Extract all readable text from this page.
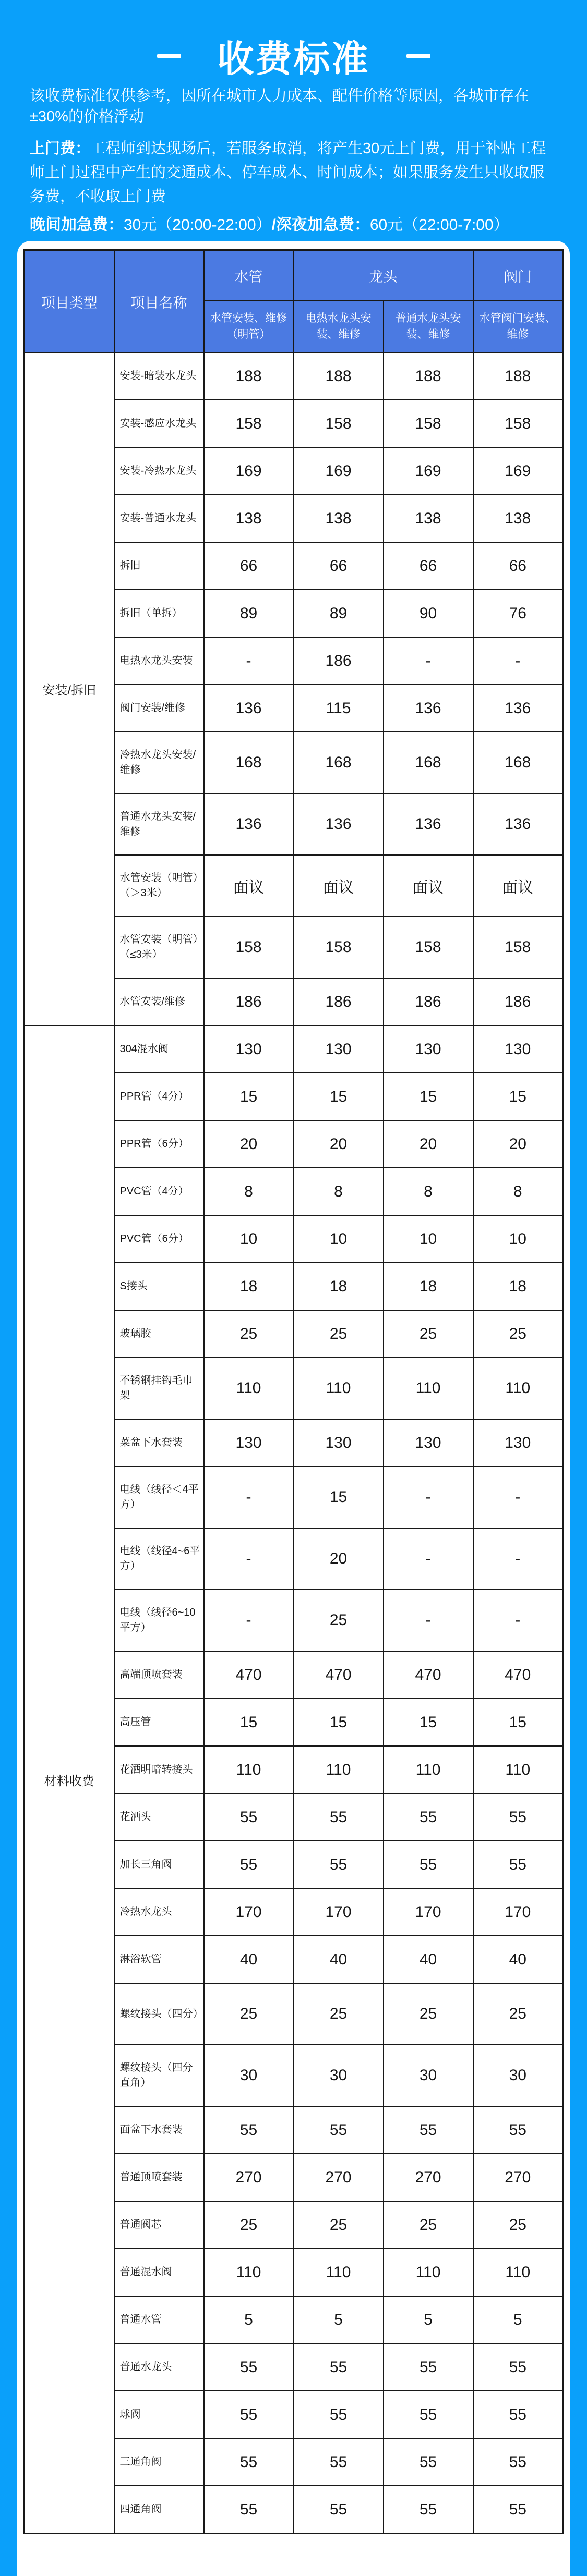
收费标准

该收费标准仅供参考，因所在城市人力成本、配件价格等原因，各城市存在±30%的价格浮动

上门费：工程师到达现场后，若服务取消，将产生30元上门费，用于补贴工程师上门过程中产生的交通成本、停车成本、时间成本；如果服务发生只收取服务费，不收取上门费

晚间加急费：30元（20:00-22:00）/深夜加急费：60元（22:00-7:00）

项目类型	项目名称	水管	龙头		阀门
		水管安装、维修（明管）	电热水龙头安装、维修	普通水龙头安装、维修	水管阀门安装、维修
安装/拆旧	安装-暗装水龙头	188	188	188	188
	安装-感应水龙头	158	158	158	158
	安装-冷热水龙头	169	169	169	169
	安装-普通水龙头	138	138	138	138
	拆旧	66	66	66	66
	拆旧（单拆）	89	89	90	76
	电热水龙头安装	-	186	-	-
	阀门安装/维修	136	115	136	136
	冷热水龙头安装/维修	168	168	168	168
	普通水龙头安装/维修	136	136	136	136
	水管安装（明管）（＞3米）	面议	面议	面议	面议
	水管安装（明管）（≤3米）	158	158	158	158
	水管安装/维修	186	186	186	186
材料收费	304混水阀	130	130	130	130
	PPR管（4分）	15	15	15	15
	PPR管（6分）	20	20	20	20
	PVC管（4分）	8	8	8	8
	PVC管（6分）	10	10	10	10
	S接头	18	18	18	18
	玻璃胶	25	25	25	25
	不锈钢挂钩毛巾架	110	110	110	110
	菜盆下水套装	130	130	130	130
	电线（线径＜4平方）	-	15	-	-
	电线（线径4~6平方）	-	20	-	-
	电线（线径6~10平方）	-	25	-	-
	高端顶喷套装	470	470	470	470
	高压管	15	15	15	15
	花洒明暗转接头	110	110	110	110
	花洒头	55	55	55	55
	加长三角阀	55	55	55	55
	冷热水龙头	170	170	170	170
	淋浴软管	40	40	40	40
	螺纹接头（四分）	25	25	25	25
	螺纹接头（四分直角）	30	30	30	30
	面盆下水套装	55	55	55	55
	普通顶喷套装	270	270	270	270
	普通阀芯	25	25	25	25
	普通混水阀	110	110	110	110
	普通水管	5	5	5	5
	普通水龙头	55	55	55	55
	球阀	55	55	55	55
	三通角阀	55	55	55	55
	四通角阀	55	55	55	55
